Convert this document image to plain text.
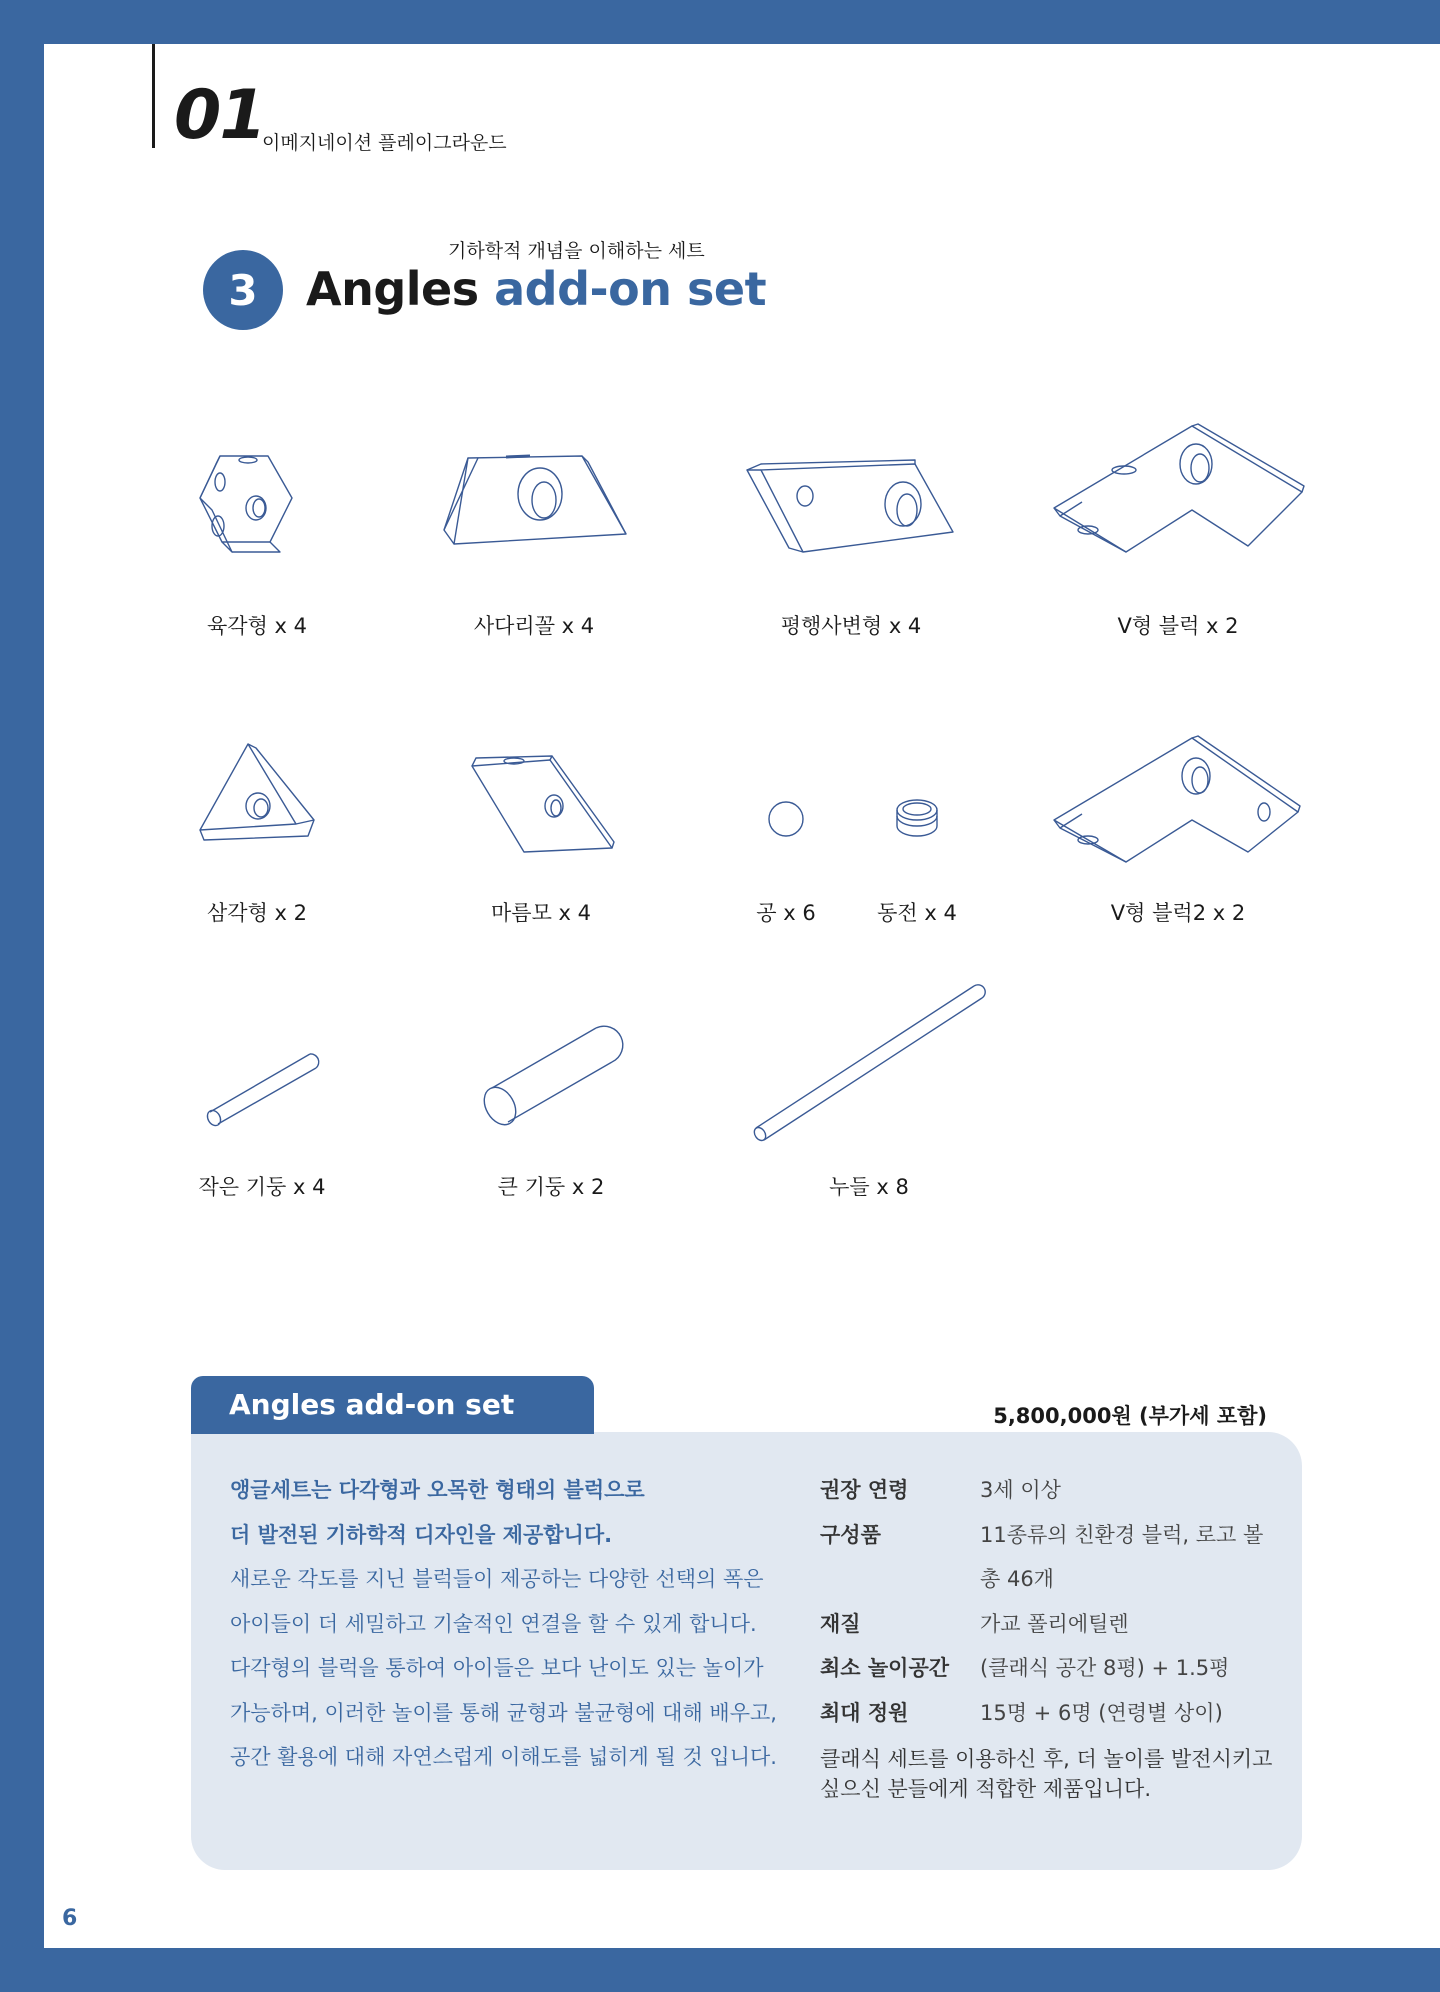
01
이메지네이션 플레이그라운드
3
기하학적 개념을 이해하는 세트
Angles add-on set
육각형 x 4	사다리꼴 x 4	평행사변형 x 4	V형 블럭 x 2
삼각형 x 2	마름모 x 4	공 x 6	동전 x 4	V형 블럭2 x 2
작은 기둥 x 4	큰 기둥 x 2	누들 x 8
Angles add-on set	5,800,000원 (부가세 포함)

앵글세트는 다각형과 오목한 형태의 블럭으로

더 발전된 기하학적 디자인을 제공합니다.

새로운 각도를 지닌 블럭들이 제공하는 다양한 선택의 폭은

아이들이 더 세밀하고 기술적인 연결을 할 수 있게 합니다.

다각형의 블럭을 통하여 아이들은 보다 난이도 있는 놀이가

가능하며, 이러한 놀이를 통해 균형과 불균형에 대해 배우고,

공간 활용에 대해 자연스럽게 이해도를 넓히게 될 것 입니다.

권장 연령	3세 이상
구성품	11종류의 친환경 블럭, 로고 볼
총 46개
재질	가교 폴리에틸렌
최소 놀이공간	(클래식 공간 8평) + 1.5평
최대 정원	15명 + 6명 (연령별 상이)
클래식 세트를 이용하신 후, 더 놀이를 발전시키고
싶으신 분들에게 적합한 제품입니다.
6
